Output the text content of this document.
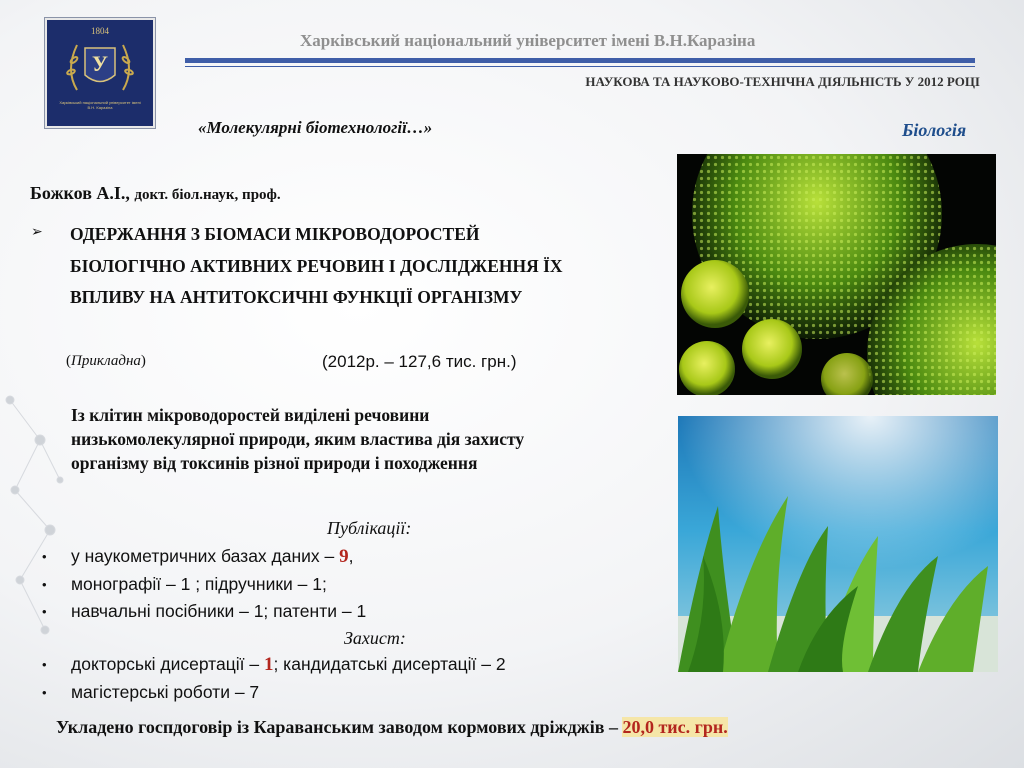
1804
У
Харківський національний університет імені В.Н. Каразіна
Харківський національний університет імені В.Н.Каразіна
НАУКОВА ТА НАУКОВО-ТЕХНІЧНА ДІЯЛЬНІСТЬ У 2012 РОЦІ
«Молекулярні біотехнології…»	Біологія
Божков А.І., докт. біол.наук, проф.
➢ ОДЕРЖАННЯ З БІОМАСИ МІКРОВОДОРОСТЕЙ БІОЛОГІЧНО АКТИВНИХ РЕЧОВИН І ДОСЛІДЖЕННЯ ЇХ ВПЛИВУ НА АНТИТОКСИЧНІ ФУНКЦІЇ ОРГАНІЗМУ
(Прикладна)	(2012р. – 127,6 тис. грн.)
Із клітин мікроводоростей виділені речовини низькомолекулярної природи, яким властива дія захисту організму від токсинів різної природи і походження
Публікації:
• у наукометричних базах даних – 9,
• монографії – 1 ; підручники – 1;
• навчальні посібники – 1; патенти – 1
Захист:
• докторські дисертації – 1; кандидатські дисертації – 2
• магістерські роботи – 7
Укладено госпдоговір із Караванським заводом кормових дріжджів – 20,0 тис. грн.
